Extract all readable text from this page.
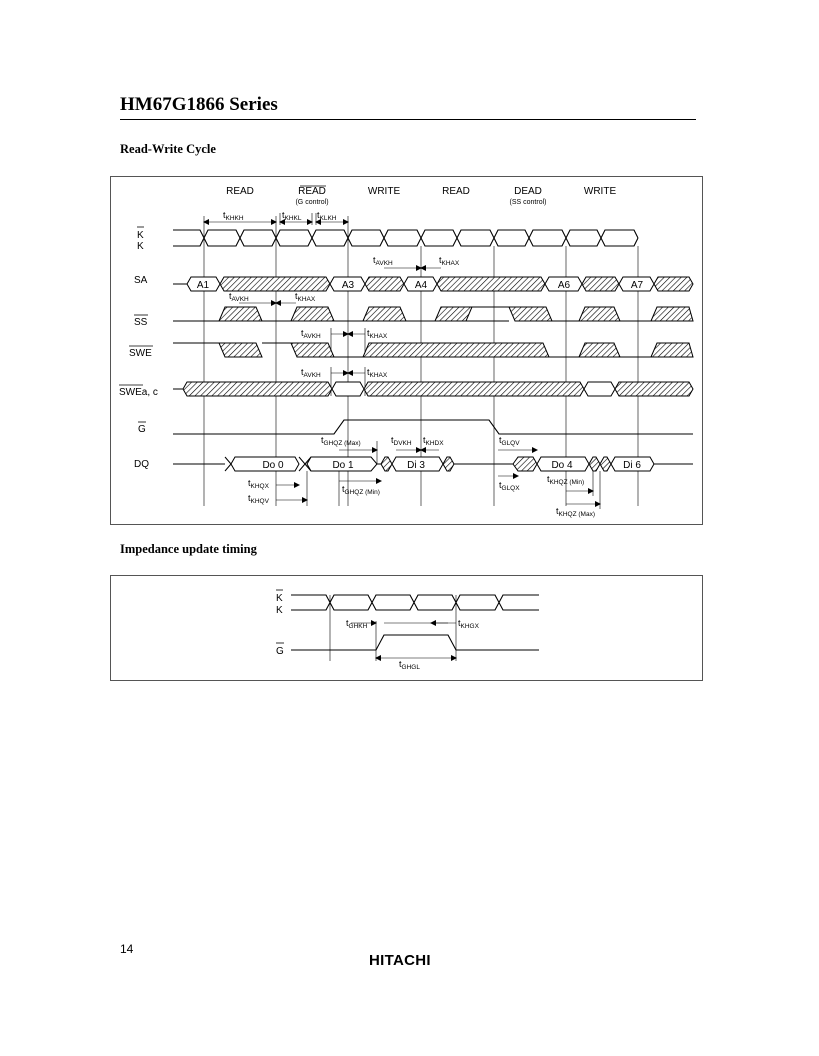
HM67G1866 Series
Read-Write Cycle
READ	READ
(G control)
WRITE	READ	DEAD
(SS control)
WRITE
K
K
SA
SS
SWE
SWEa, c
G
DQ
$t_{KHKH}$	$t_{KHKL}$ $t_{KLKH}$
$t_{AVKH}$	$t_{KHAX}$
A1	A3	A4	A6	A7
$t_{AVKH}$	$t_{KHAX}$
$t_{AVKH}$	$t_{KHAX}$
$t_{AVKH}$	$t_{KHAX}$
Do 0	Do 1	Di 3	Do 4	Di 6
$t_{GHQZ (Max)}$	$t_{DVKH}$ $t_{KHDX}$	$t_{GLQV}$
$t_{KHQX}$
$t_{KHQV}$
$t_{GHQZ (Min)}$
$t_{GLQX}$
$t_{KHQZ (Min)}$
$t_{KHQZ (Max)}$
Impedance update timing
K
K
G
$t_{GHKH}$	$t_{KHGX}$
$t_{GHGL}$
14
HITACHI
